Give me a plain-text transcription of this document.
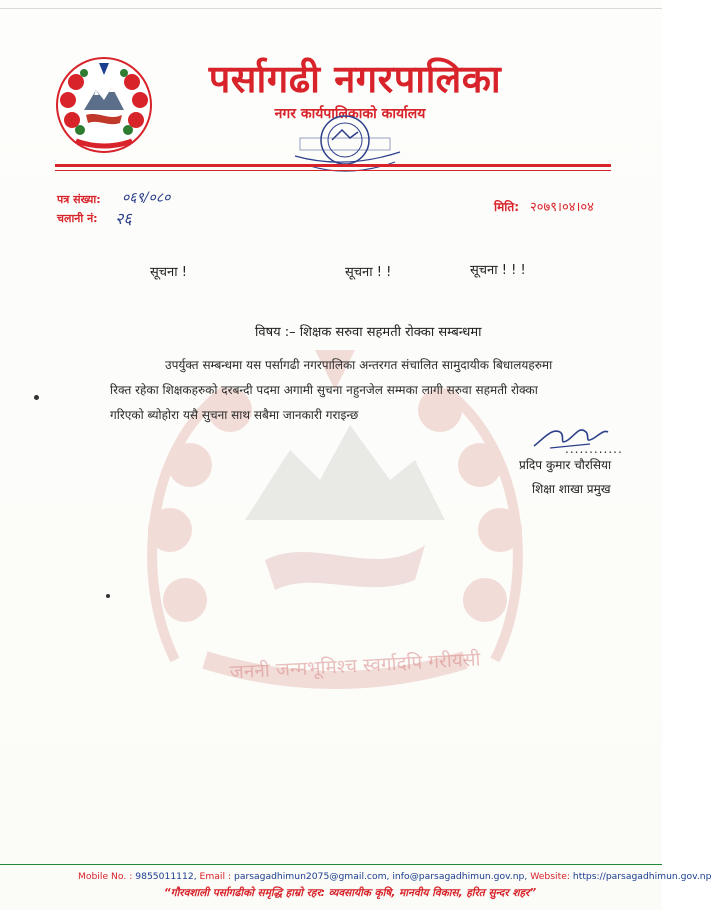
जननी जन्मभूमिश्च स्वर्गादपि गरीयसी
पर्सागढी नगरपालिका
नगर कार्यपालिकाको कार्यालय
पत्र संख्या: ०६९/०८०
चलानी नं: २६
मिति: २०७९।०४।०४
सूचना !	सूचना ! !	सूचना ! ! !
विषय :– शिक्षक सरुवा सहमती रोक्का सम्बन्धमा
उपर्युक्त सम्बन्धमा यस पर्सागढी नगरपालिका अन्तरगत संचालित सामुदायीक बिधालयहरुमा
रिक्त रहेका शिक्षकहरुको दरबन्दी पदमा अगामी सुचना नहुनजेल सम्मका लागी सरुवा सहमती रोक्का
गरिएको ब्योहोरा यसै सुचना साथ सबैमा जानकारी गराइन्छ
............
प्रदिप कुमार चौरसिया
शिक्षा शाखा प्रमुख
Mobile No. : 9855011112, Email : parsagadhimun2075@gmail.com, info@parsagadhimun.gov.np, Website: https://parsagadhimun.gov.np
“गौरवशाली पर्सागढीको समृद्धि हाम्रो रहर: व्यवसायीक कृषि, मानवीय विकास, हरित सुन्दर शहर”
